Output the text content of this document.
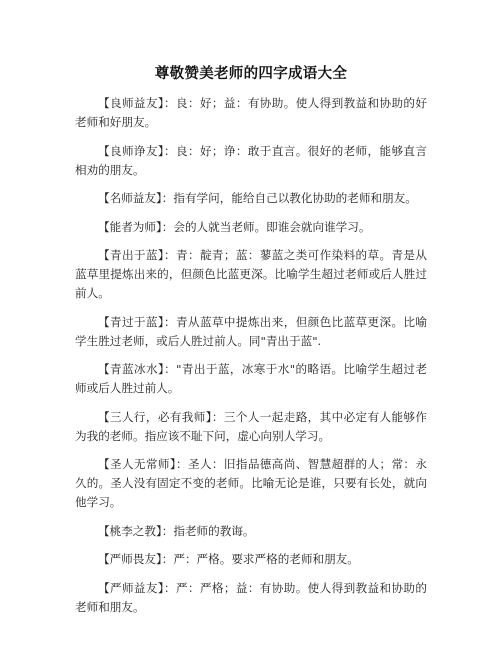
尊敬赞美老师的四字成语大全

【良师益友】：良：好；益：有协助。使人得到教益和协助的好老师和好朋友。

【良师诤友】：良：好；诤：敢于直言。很好的老师，能够直言相劝的朋友。

【名师益友】：指有学问，能给自己以教化协助的老师和朋友。

【能者为师】：会的人就当老师。即谁会就向谁学习。

【青出于蓝】：青：靛青；蓝：蓼蓝之类可作染料的草。青是从蓝草里提炼出来的，但颜色比蓝更深。比喻学生超过老师或后人胜过前人。

【青过于蓝】：青从蓝草中提炼出来，但颜色比蓝草更深。比喻学生胜过老师，或后人胜过前人。同"青出于蓝".

【青蓝冰水】："青出于蓝，冰寒于水"的略语。比喻学生超过老师或后人胜过前人。

【三人行，必有我师】：三个人一起走路，其中必定有人能够作为我的老师。指应该不耻下问，虚心向别人学习。

【圣人无常师】：圣人：旧指品德高尚、智慧超群的人；常：永久的。圣人没有固定不变的老师。比喻无论是谁，只要有长处，就向他学习。

【桃李之教】：指老师的教诲。

【严师畏友】：严：严格。要求严格的老师和朋友。

【严师益友】：严：严格；益：有协助。使人得到教益和协助的老师和朋友。
